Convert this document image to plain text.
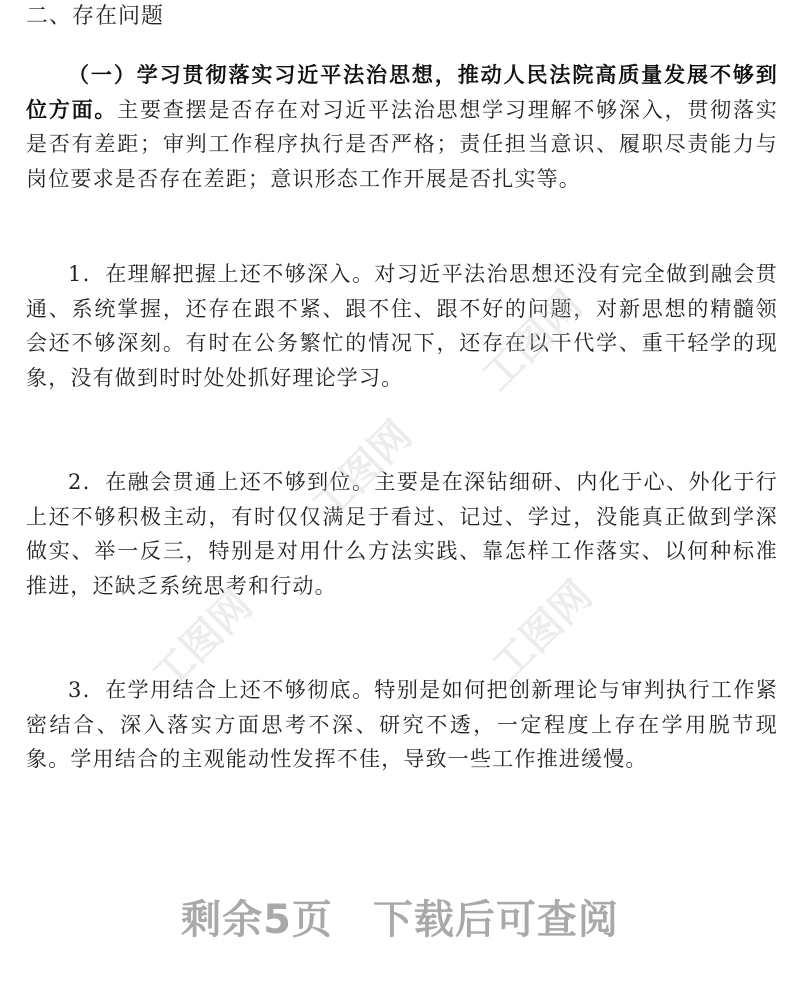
二、存在问题

（一）学习贯彻落实习近平法治思想，推动人民法院高质量发展不够到位方面。主要查摆是否存在对习近平法治思想学习理解不够深入，贯彻落实是否有差距；审判工作程序执行是否严格；责任担当意识、履职尽责能力与岗位要求是否存在差距；意识形态工作开展是否扎实等。

1．在理解把握上还不够深入。对习近平法治思想还没有完全做到融会贯通、系统掌握，还存在跟不紧、跟不住、跟不好的问题，对新思想的精髓领会还不够深刻。有时在公务繁忙的情况下，还存在以干代学、重干轻学的现象，没有做到时时处处抓好理论学习。

2．在融会贯通上还不够到位。主要是在深钻细研、内化于心、外化于行上还不够积极主动，有时仅仅满足于看过、记过、学过，没能真正做到学深做实、举一反三，特别是对用什么方法实践、靠怎样工作落实、以何种标准推进，还缺乏系统思考和行动。

3．在学用结合上还不够彻底。特别是如何把创新理论与审判执行工作紧密结合、深入落实方面思考不深、研究不透，一定程度上存在学用脱节现象。学用结合的主观能动性发挥不佳，导致一些工作推进缓慢。

工图网
工图网
工图网	工图网
剩余5页 下载后可查阅
